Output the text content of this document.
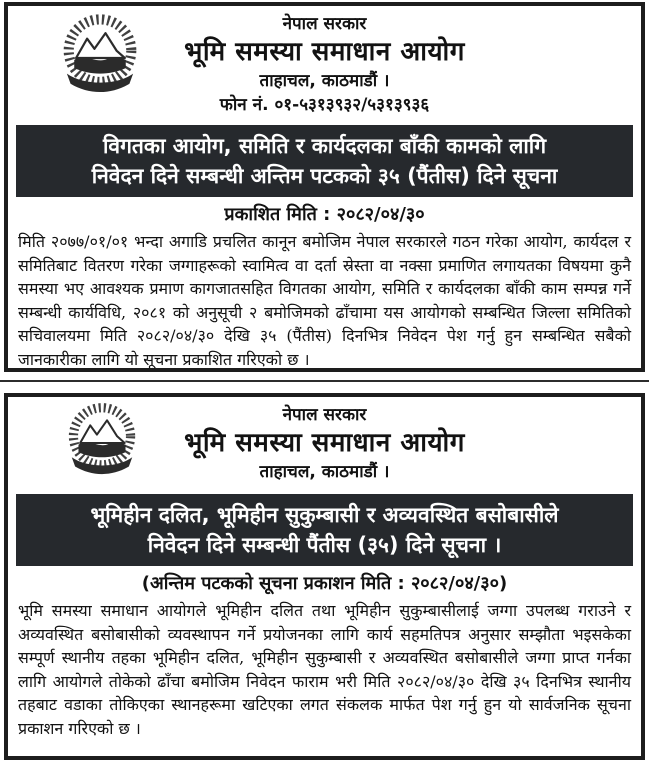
नेपाल सरकार
भूमि समस्या समाधान आयोग
ताहाचल, काठमाडौं ।
फोन नं. ०१-५३१३९३२/५३१३९३६
विगतका आयोग, समिति र कार्यदलका बाँकी कामको लागि
निवेदन दिने सम्बन्धी अन्तिम पटकको ३५ (पैंतीस) दिने सूचना
प्रकाशित मिति : २०८२/०४/३०

मिति २०७७/०१/०१ भन्दा अगाडि प्रचलित कानून बमोजिम नेपाल सरकारले गठन गरेका आयोग, कार्यदल र समितिबाट वितरण गरेका जग्गाहरूको स्वामित्व वा दर्ता स्रेस्ता वा नक्सा प्रमाणित लगायतका विषयमा कुनै समस्या भए आवश्यक प्रमाण कागजातसहित विगतका आयोग, समिति र कार्यदलका बाँकी काम सम्पन्न गर्ने सम्बन्धी कार्यविधि, २०८१ को अनुसूची २ बमोजिमको ढाँचामा यस आयोगको सम्बन्धित जिल्ला समितिको सचिवालयमा मिति २०८२/०४/३० देखि ३५ (पैंतीस) दिनभित्र निवेदन पेश गर्नु हुन सम्बन्धित सबैको जानकारीका लागि यो सूचना प्रकाशित गरिएको छ ।

नेपाल सरकार
भूमि समस्या समाधान आयोग
ताहाचल, काठमाडौं ।
भूमिहीन दलित, भूमिहीन सुकुम्बासी र अव्यवस्थित बसोबासीले
निवेदन दिने सम्बन्धी पैंतीस (३५) दिने सूचना ।
(अन्तिम पटकको सूचना प्रकाशन मिति : २०८२/०४/३०)

भूमि समस्या समाधान आयोगले भूमिहीन दलित तथा भूमिहीन सुकुम्बासीलाई जग्गा उपलब्ध गराउने र अव्यवस्थित बसोबासीको व्यवस्थापन गर्ने प्रयोजनका लागि कार्य सहमतिपत्र अनुसार सम्झौता भइसकेका सम्पूर्ण स्थानीय तहका भूमिहीन दलित, भूमिहीन सुकुम्बासी र अव्यवस्थित बसोबासीले जग्गा प्राप्त गर्नका लागि आयोगले तोकेको ढाँचा बमोजिम निवेदन फाराम भरी मिति २०८२/०४/३० देखि ३५ दिनभित्र स्थानीय तहबाट वडाका तोकिएका स्थानहरूमा खटिएका लगत संकलक मार्फत पेश गर्नु हुन यो सार्वजनिक सूचना प्रकाशन गरिएको छ ।
